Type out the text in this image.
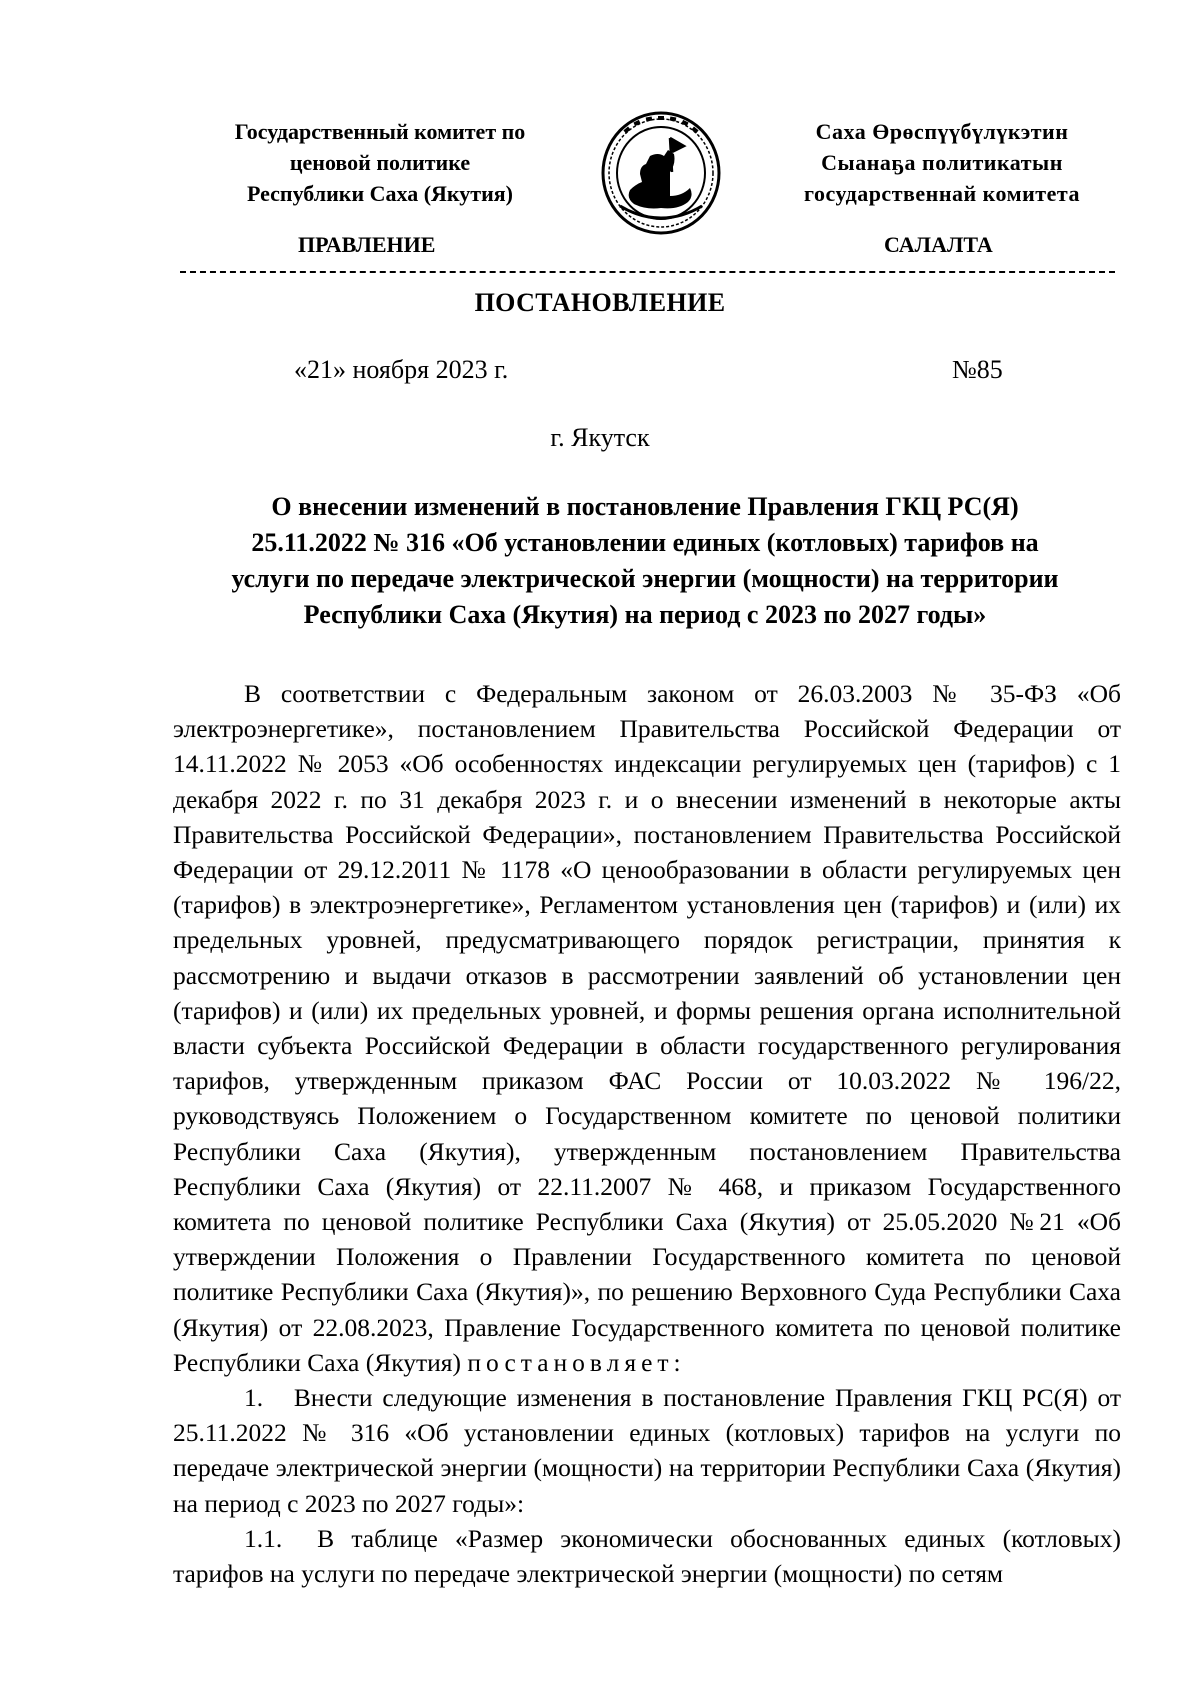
Государственный комитет по
ценовой политике
Республики Саха (Якутия)
Саха Өрөспүүбүлүкэтин
Сыанаҕа политикатын
государственнай комитета
ПРАВЛЕНИЕ	САЛАЛТА
ПОСТАНОВЛЕНИЕ
«21» ноября 2023 г.	№85
г. Якутск
О внесении изменений в постановление Правления ГКЦ РС(Я)
25.11.2022 № 316 «Об установлении единых (котловых) тарифов на
услуги по передаче электрической энергии (мощности) на территории
Республики Саха (Якутия) на период с 2023 по 2027 годы»

В соответствии с Федеральным законом от 26.03.2003 № 35-ФЗ «Об электроэнергетике», постановлением Правительства Российской Федерации от 14.11.2022 № 2053 «Об особенностях индексации регулируемых цен (тарифов) с 1 декабря 2022 г. по 31 декабря 2023 г. и о внесении изменений в некоторые акты Правительства Российской Федерации», постановлением Правительства Российской Федерации от 29.12.2011 № 1178 «О ценообразовании в области регулируемых цен (тарифов) в электроэнергетике», Регламентом установления цен (тарифов) и (или) их предельных уровней, предусматривающего порядок регистрации, принятия к рассмотрению и выдачи отказов в рассмотрении заявлений об установлении цен (тарифов) и (или) их предельных уровней, и формы решения органа исполнительной власти субъекта Российской Федерации в области государственного регулирования тарифов, утвержденным приказом ФАС России от 10.03.2022 № 196/22, руководствуясь Положением о Государственном комитете по ценовой политики Республики Саха (Якутия), утвержденным постановлением Правительства Республики Саха (Якутия) от 22.11.2007 № 468, и приказом Государственного комитета по ценовой политике Республики Саха (Якутия) от 25.05.2020 №21 «Об утверждении Положения о Правлении Государственного комитета по ценовой политике Республики Саха (Якутия)», по решению Верховного Суда Республики Саха (Якутия) от 22.08.2023, Правление Государственного комитета по ценовой политике Республики Саха (Якутия) постановляет:

1. Внести следующие изменения в постановление Правления ГКЦ РС(Я) от 25.11.2022 № 316 «Об установлении единых (котловых) тарифов на услуги по передаче электрической энергии (мощности) на территории Республики Саха (Якутия) на период с 2023 по 2027 годы»:

1.1. В таблице «Размер экономически обоснованных единых (котловых) тарифов на услуги по передаче электрической энергии (мощности) по сетям
